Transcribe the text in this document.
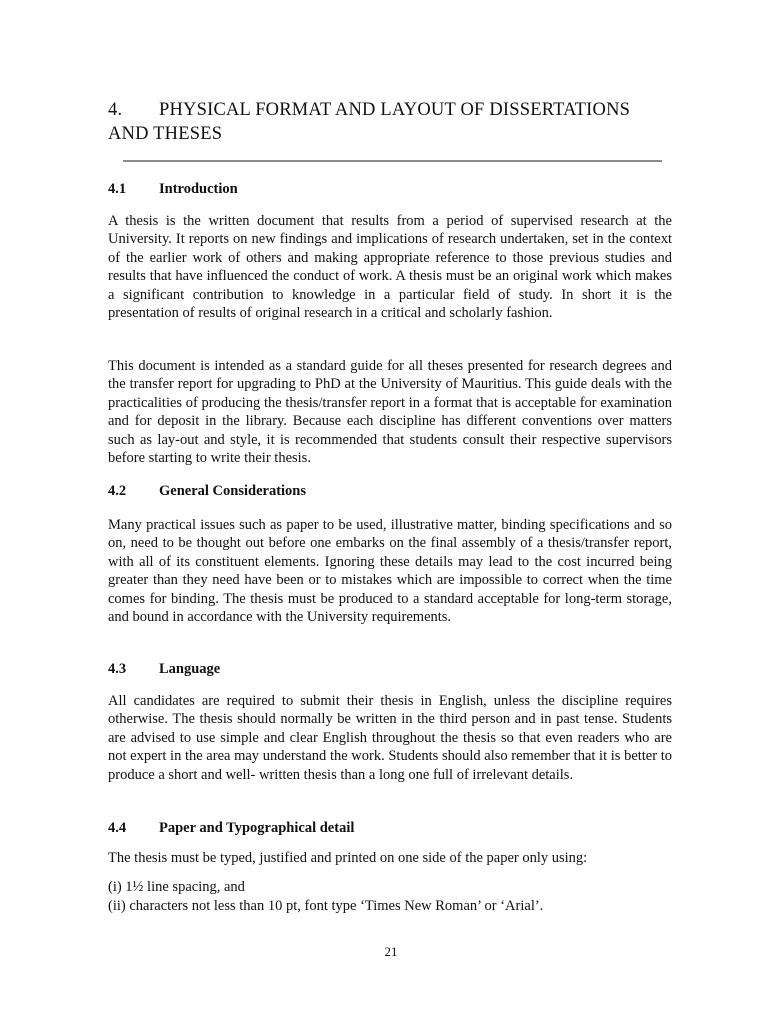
4. PHYSICAL FORMAT AND LAYOUT OF DISSERTATIONS AND THESES
4.1 Introduction

A thesis is the written document that results from a period of supervised research at the University. It reports on new findings and implications of research undertaken, set in the context of the earlier work of others and making appropriate reference to those previous studies and results that have influenced the conduct of work. A thesis must be an original work which makes a significant contribution to knowledge in a particular field of study. In short it is the presentation of results of original research in a critical and scholarly fashion.

This document is intended as a standard guide for all theses presented for research degrees and the transfer report for upgrading to PhD at the University of Mauritius. This guide deals with the practicalities of producing the thesis/transfer report in a format that is acceptable for examination and for deposit in the library. Because each discipline has different conventions over matters such as lay-out and style, it is recommended that students consult their respective supervisors before starting to write their thesis.

4.2 General Considerations

Many practical issues such as paper to be used, illustrative matter, binding specifications and so on, need to be thought out before one embarks on the final assembly of a thesis/transfer report, with all of its constituent elements. Ignoring these details may lead to the cost incurred being greater than they need have been or to mistakes which are impossible to correct when the time comes for binding. The thesis must be produced to a standard acceptable for long-term storage, and bound in accordance with the University requirements.

4.3 Language

All candidates are required to submit their thesis in English, unless the discipline requires otherwise. The thesis should normally be written in the third person and in past tense. Students are advised to use simple and clear English throughout the thesis so that even readers who are not expert in the area may understand the work. Students should also remember that it is better to produce a short and well- written thesis than a long one full of irrelevant details.

4.4 Paper and Typographical detail

The thesis must be typed, justified and printed on one side of the paper only using:

(i) 1½ line spacing, and
(ii) characters not less than 10 pt, font type ‘Times New Roman’ or ‘Arial’.
21
